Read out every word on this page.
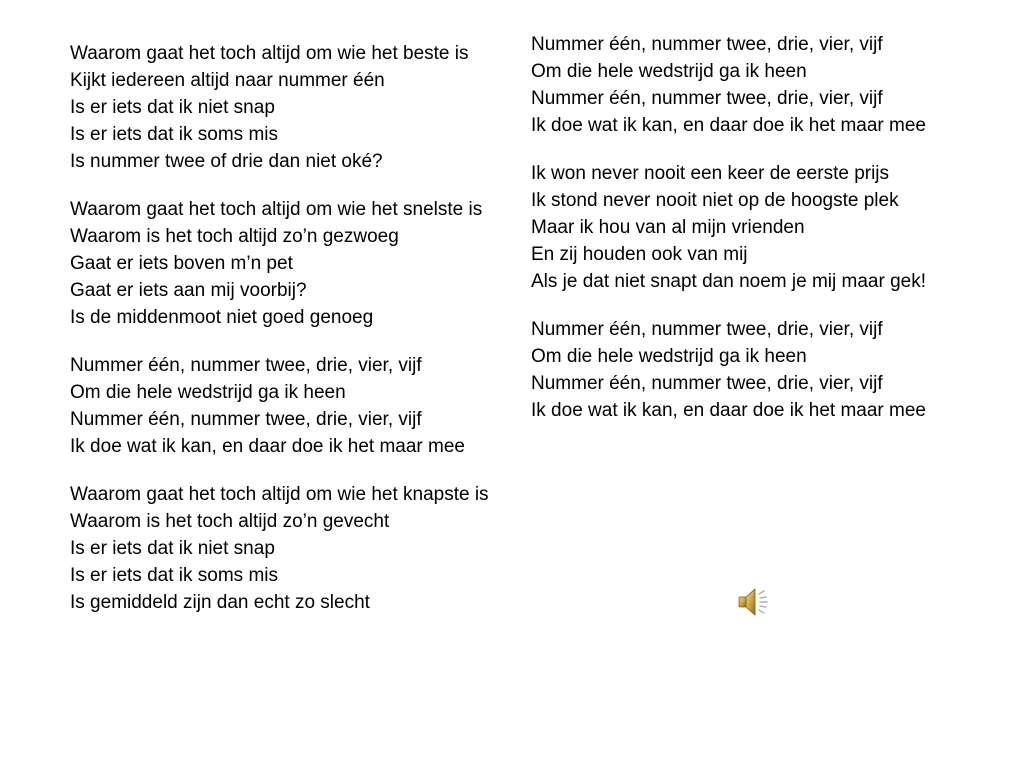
Waarom gaat het toch altijd om wie het beste is
Kijkt iedereen altijd naar nummer één
Is er iets dat ik niet snap
Is er iets dat ik soms mis
Is nummer twee of drie dan niet oké?
Waarom gaat het toch altijd om wie het snelste is
Waarom is het toch altijd zo’n gezwoeg
Gaat er iets boven m’n pet
Gaat er iets aan mij voorbij?
Is de middenmoot niet goed genoeg
Nummer één, nummer twee, drie, vier, vijf
Om die hele wedstrijd ga ik heen
Nummer één, nummer twee, drie, vier, vijf
Ik doe wat ik kan, en daar doe ik het maar mee
Waarom gaat het toch altijd om wie het knapste is
Waarom is het toch altijd zo’n gevecht
Is er iets dat ik niet snap
Is er iets dat ik soms mis
Is gemiddeld zijn dan echt zo slecht
Nummer één, nummer twee, drie, vier, vijf
Om die hele wedstrijd ga ik heen
Nummer één, nummer twee, drie, vier, vijf
Ik doe wat ik kan, en daar doe ik het maar mee
Ik won never nooit een keer de eerste prijs
Ik stond never nooit niet op de hoogste plek
Maar ik hou van al mijn vrienden
En zij houden ook van mij
Als je dat niet snapt dan noem je mij maar gek!
Nummer één, nummer twee, drie, vier, vijf
Om die hele wedstrijd ga ik heen
Nummer één, nummer twee, drie, vier, vijf
Ik doe wat ik kan, en daar doe ik het maar mee
